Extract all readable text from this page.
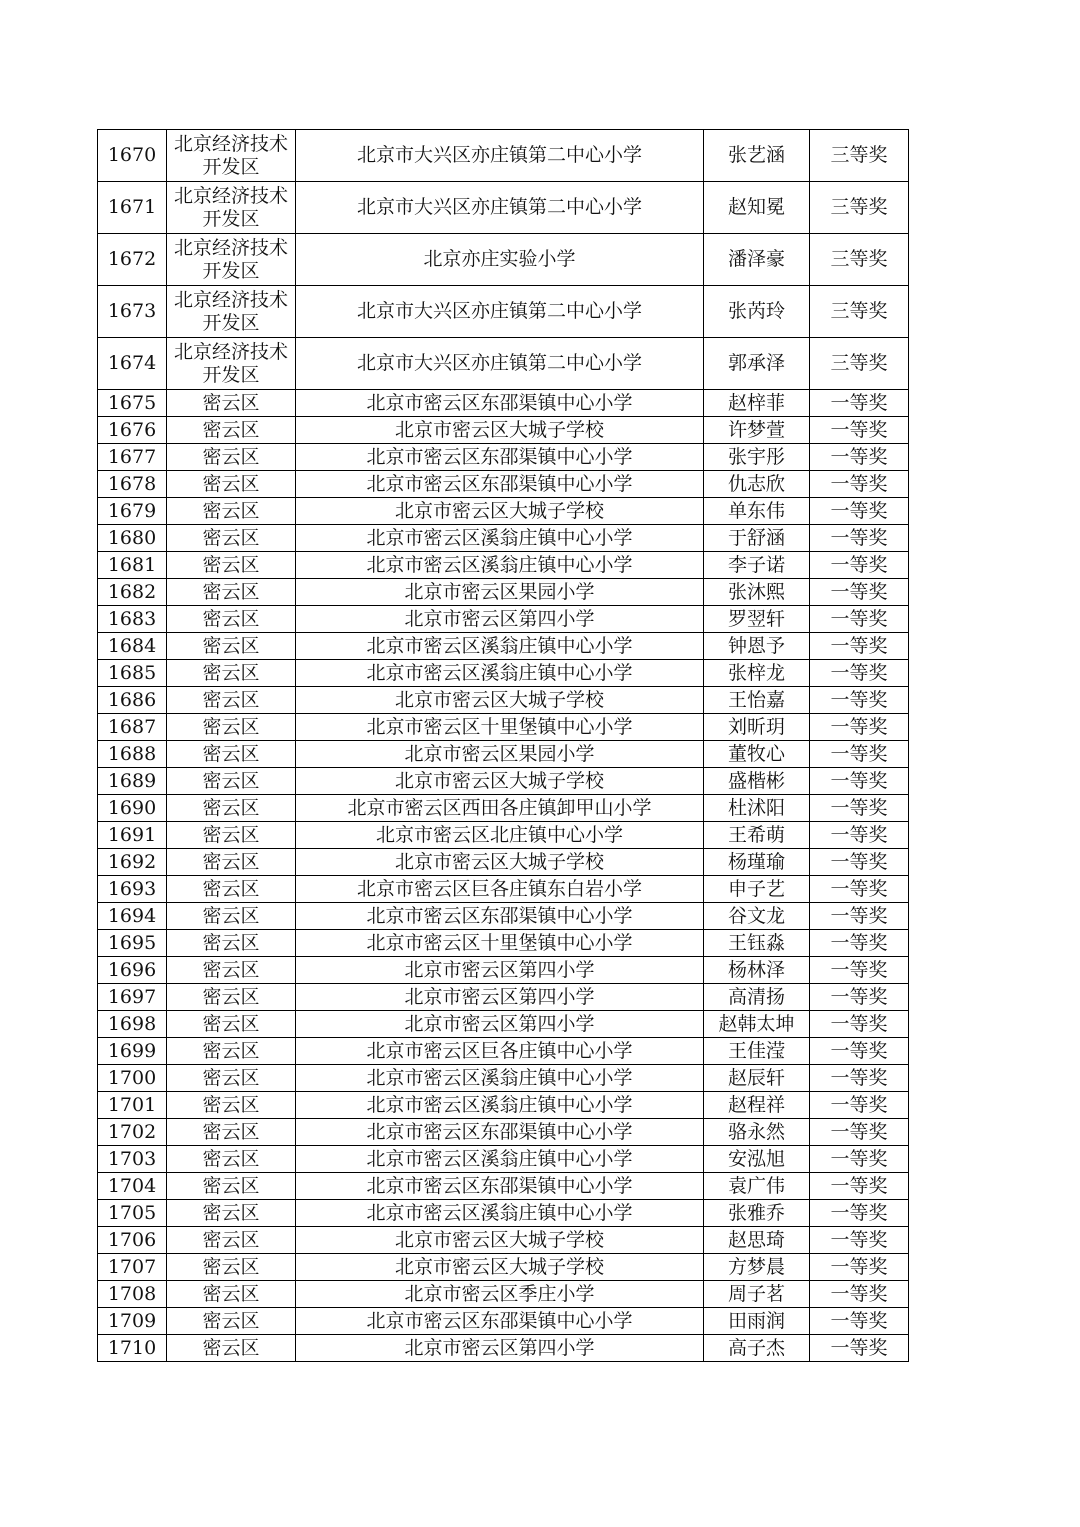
1670	北京经济技术开发区	北京市大兴区亦庄镇第二中心小学	张艺涵	三等奖
1671	北京经济技术开发区	北京市大兴区亦庄镇第二中心小学	赵知冕	三等奖
1672	北京经济技术开发区	北京亦庄实验小学	潘泽豪	三等奖
1673	北京经济技术开发区	北京市大兴区亦庄镇第二中心小学	张芮玲	三等奖
1674	北京经济技术开发区	北京市大兴区亦庄镇第二中心小学	郭承泽	三等奖
1675	密云区	北京市密云区东邵渠镇中心小学	赵梓菲	一等奖
1676	密云区	北京市密云区大城子学校	许梦萱	一等奖
1677	密云区	北京市密云区东邵渠镇中心小学	张宇彤	一等奖
1678	密云区	北京市密云区东邵渠镇中心小学	仇志欣	一等奖
1679	密云区	北京市密云区大城子学校	单东伟	一等奖
1680	密云区	北京市密云区溪翁庄镇中心小学	于舒涵	一等奖
1681	密云区	北京市密云区溪翁庄镇中心小学	李子诺	一等奖
1682	密云区	北京市密云区果园小学	张沐熙	一等奖
1683	密云区	北京市密云区第四小学	罗翌轩	一等奖
1684	密云区	北京市密云区溪翁庄镇中心小学	钟恩予	一等奖
1685	密云区	北京市密云区溪翁庄镇中心小学	张梓龙	一等奖
1686	密云区	北京市密云区大城子学校	王怡嘉	一等奖
1687	密云区	北京市密云区十里堡镇中心小学	刘昕玥	一等奖
1688	密云区	北京市密云区果园小学	董牧心	一等奖
1689	密云区	北京市密云区大城子学校	盛楷彬	一等奖
1690	密云区	北京市密云区西田各庄镇卸甲山小学	杜沭阳	一等奖
1691	密云区	北京市密云区北庄镇中心小学	王希萌	一等奖
1692	密云区	北京市密云区大城子学校	杨瑾瑜	一等奖
1693	密云区	北京市密云区巨各庄镇东白岩小学	申子艺	一等奖
1694	密云区	北京市密云区东邵渠镇中心小学	谷文龙	一等奖
1695	密云区	北京市密云区十里堡镇中心小学	王钰淼	一等奖
1696	密云区	北京市密云区第四小学	杨林泽	一等奖
1697	密云区	北京市密云区第四小学	高清扬	一等奖
1698	密云区	北京市密云区第四小学	赵韩太坤	一等奖
1699	密云区	北京市密云区巨各庄镇中心小学	王佳滢	一等奖
1700	密云区	北京市密云区溪翁庄镇中心小学	赵辰轩	一等奖
1701	密云区	北京市密云区溪翁庄镇中心小学	赵程祥	一等奖
1702	密云区	北京市密云区东邵渠镇中心小学	骆永然	一等奖
1703	密云区	北京市密云区溪翁庄镇中心小学	安泓旭	一等奖
1704	密云区	北京市密云区东邵渠镇中心小学	袁广伟	一等奖
1705	密云区	北京市密云区溪翁庄镇中心小学	张雅乔	一等奖
1706	密云区	北京市密云区大城子学校	赵思琦	一等奖
1707	密云区	北京市密云区大城子学校	方梦晨	一等奖
1708	密云区	北京市密云区季庄小学	周子茗	一等奖
1709	密云区	北京市密云区东邵渠镇中心小学	田雨润	一等奖
1710	密云区	北京市密云区第四小学	高子杰	一等奖
